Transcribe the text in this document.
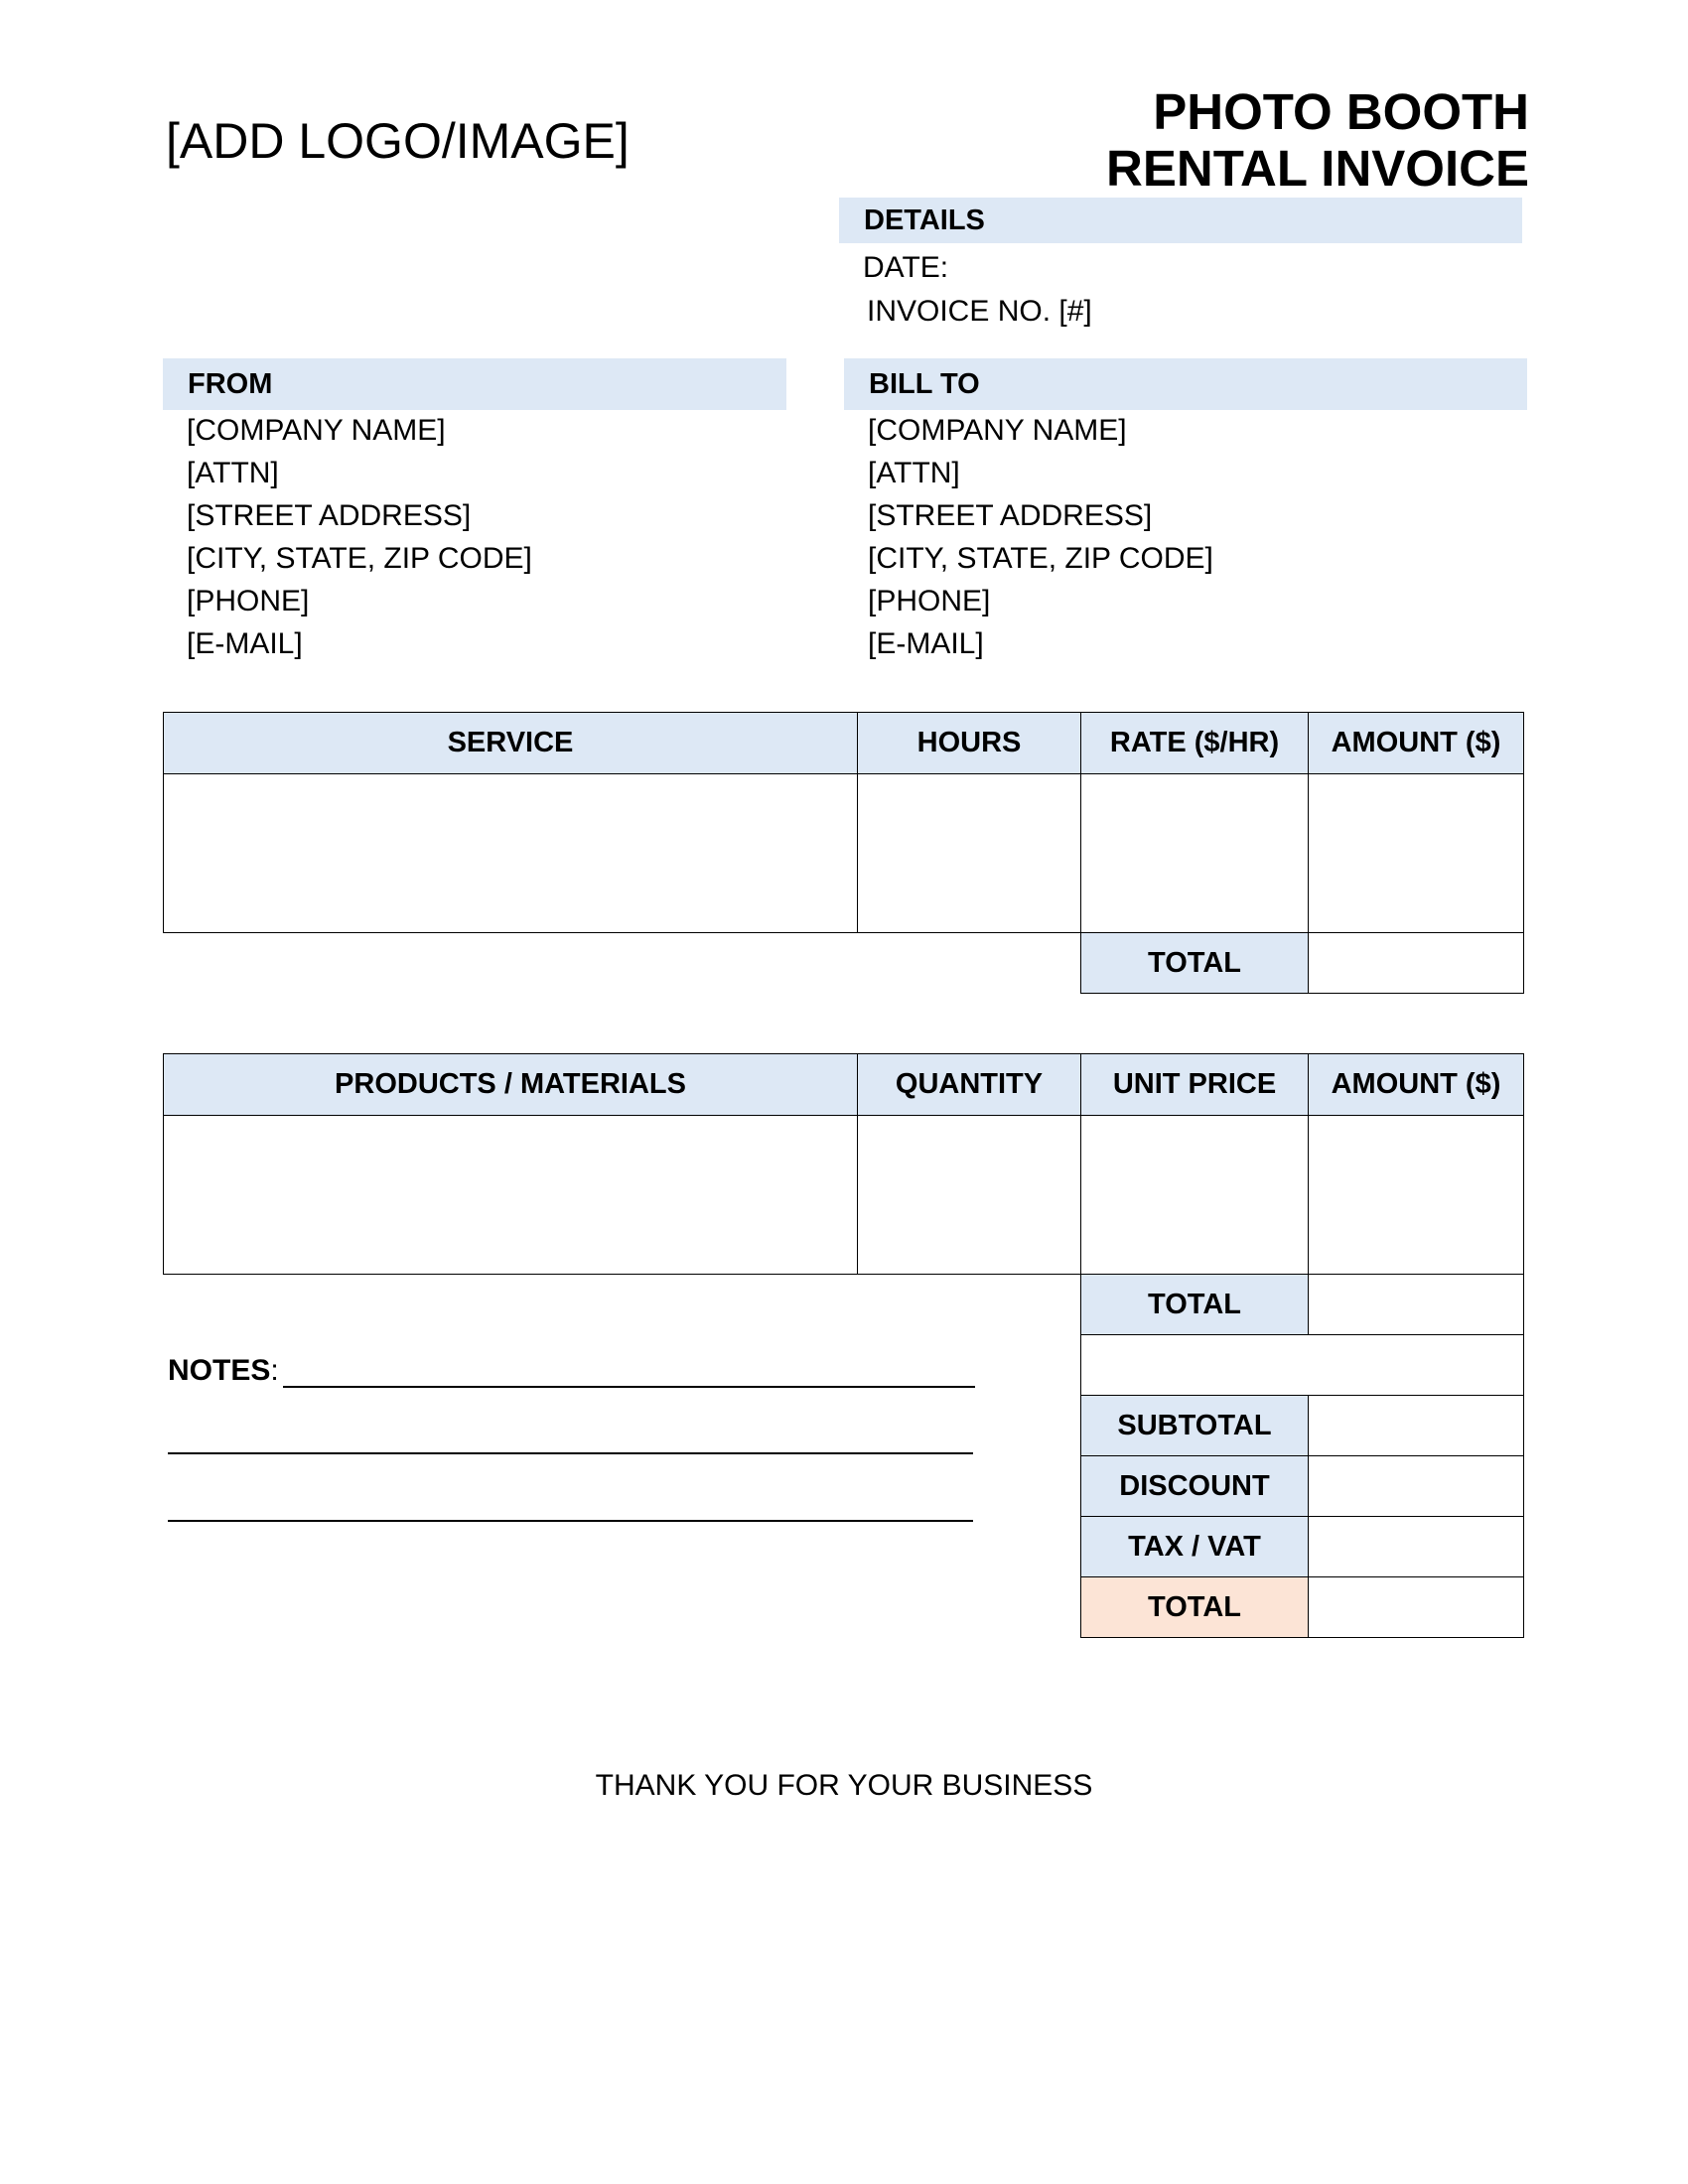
[ADD LOGO/IMAGE]
PHOTO BOOTH
RENTAL INVOICE
DETAILS
DATE:
INVOICE NO. [#]
FROM
[COMPANY NAME]
[ATTN]
[STREET ADDRESS]
[CITY, STATE, ZIP CODE]
[PHONE]
[E-MAIL]
BILL TO
[COMPANY NAME]
[ATTN]
[STREET ADDRESS]
[CITY, STATE, ZIP CODE]
[PHONE]
[E-MAIL]
SERVICE	HOURS	RATE ($/HR)	AMOUNT ($)

		TOTAL	
PRODUCTS / MATERIALS	QUANTITY	UNIT PRICE	AMOUNT ($)

		TOTAL	
NOTES:
SUBTOTAL	
DISCOUNT	
TAX / VAT	
TOTAL	
THANK YOU FOR YOUR BUSINESS
